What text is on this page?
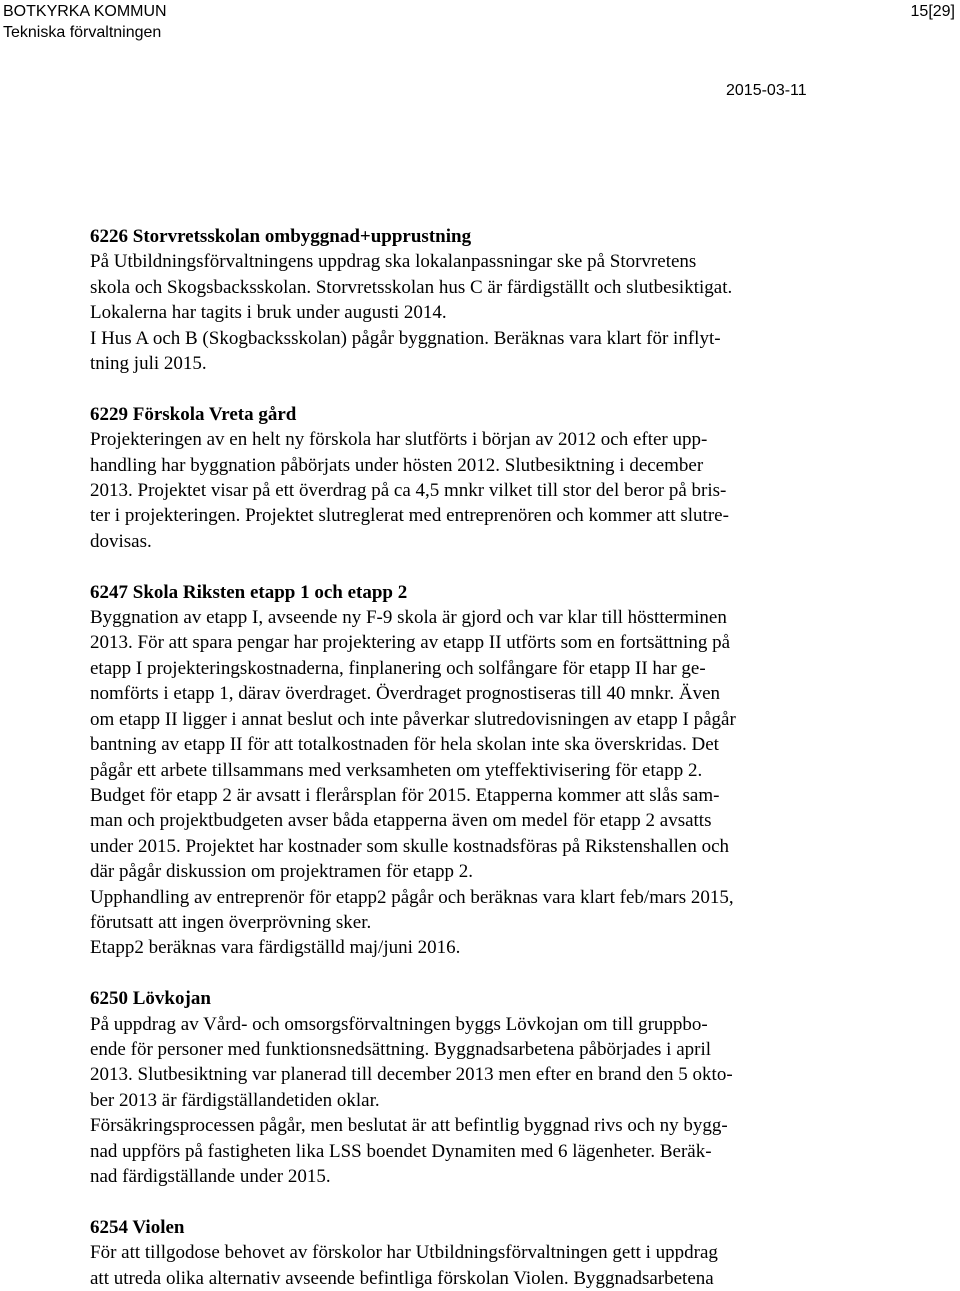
BOTKYRKA KOMMUN
Tekniska förvaltningen
15[29]
2015-03-11
6226 Storvretsskolan ombyggnad+upprustning
På Utbildningsförvaltningens uppdrag ska lokalanpassningar ske på Storvretens
skola och Skogsbacksskolan. Storvretsskolan hus C är färdigställt och slutbesiktigat.
Lokalerna har tagits i bruk under augusti 2014.
I Hus A och B (Skogbacksskolan) pågår byggnation. Beräknas vara klart för inflyt-
tning juli 2015.
6229 Förskola Vreta gård
Projekteringen av en helt ny förskola har slutförts i början av 2012 och efter upp-
handling har byggnation påbörjats under hösten 2012. Slutbesiktning i december
2013. Projektet visar på ett överdrag på ca 4,5 mnkr vilket till stor del beror på bris-
ter i projekteringen. Projektet slutreglerat med entreprenören och kommer att slutre-
dovisas.
6247 Skola Riksten etapp 1 och etapp 2
Byggnation av etapp I, avseende ny F-9 skola är gjord och var klar till höstterminen
2013. För att spara pengar har projektering av etapp II utförts som en fortsättning på
etapp I projekteringskostnaderna, finplanering och solfångare för etapp II har ge-
nomförts i etapp 1, därav överdraget. Överdraget prognostiseras till 40 mnkr. Även
om etapp II ligger i annat beslut och inte påverkar slutredovisningen av etapp I pågår
bantning av etapp II för att totalkostnaden för hela skolan inte ska överskridas. Det
pågår ett arbete tillsammans med verksamheten om yteffektivisering för etapp 2.
Budget för etapp 2 är avsatt i flerårsplan för 2015. Etapperna kommer att slås sam-
man och projektbudgeten avser båda etapperna även om medel för etapp 2 avsatts
under 2015. Projektet har kostnader som skulle kostnadsföras på Rikstenshallen och
där pågår diskussion om projektramen för etapp 2.
Upphandling av entreprenör för etapp2 pågår och beräknas vara klart feb/mars 2015,
förutsatt att ingen överprövning sker.
Etapp2 beräknas vara färdigställd maj/juni 2016.
6250 Lövkojan
På uppdrag av Vård- och omsorgsförvaltningen byggs Lövkojan om till gruppbo-
ende för personer med funktionsnedsättning. Byggnadsarbetena påbörjades i april
2013. Slutbesiktning var planerad till december 2013 men efter en brand den 5 okto-
ber 2013 är färdigställandetiden oklar.
Försäkringsprocessen pågår, men beslutat är att befintlig byggnad rivs och ny bygg-
nad uppförs på fastigheten lika LSS boendet Dynamiten med 6 lägenheter. Beräk-
nad färdigställande under 2015.
6254 Violen
För att tillgodose behovet av förskolor har Utbildningsförvaltningen gett i uppdrag
att utreda olika alternativ avseende befintliga förskolan Violen. Byggnadsarbetena
